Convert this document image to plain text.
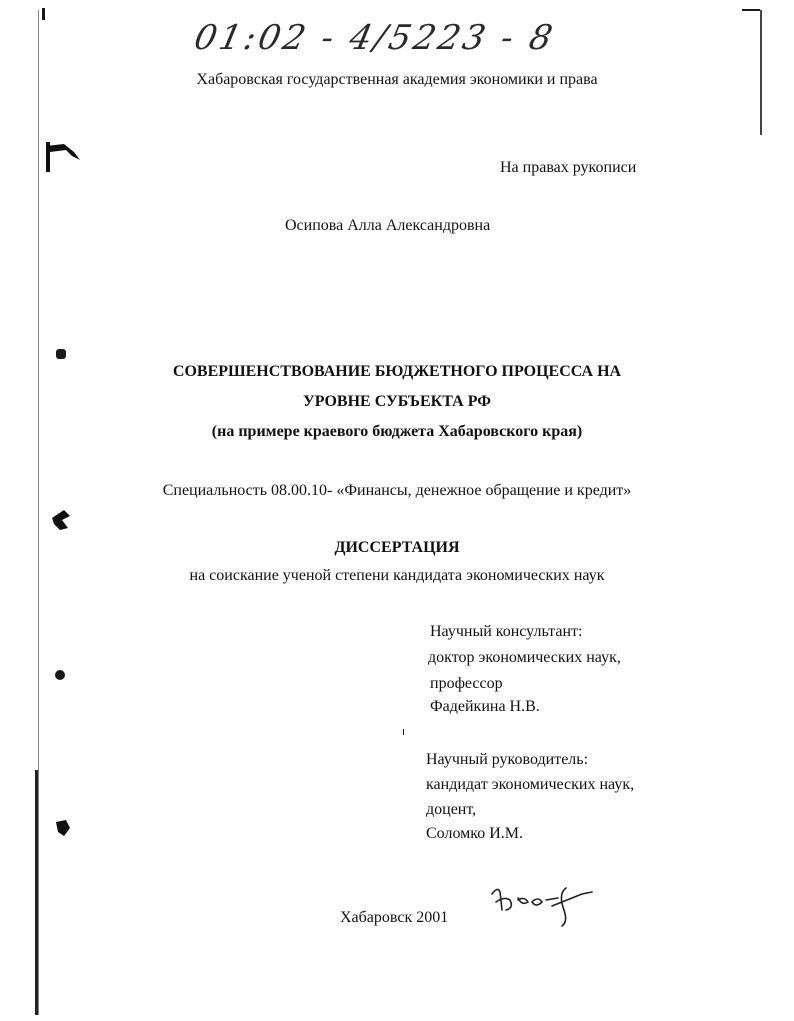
01:02 - 4/5223 - 8
Хабаровская государственная академия экономики и права
На правах рукописи
Осипова Алла Александровна
СОВЕРШЕНСТВОВАНИЕ БЮДЖЕТНОГО ПРОЦЕССА НА
УРОВНЕ СУБЪЕКТА РФ
(на примере краевого бюджета Хабаровского края)
Специальность 08.00.10- «Финансы, денежное обращение и кредит»
ДИССЕРТАЦИЯ
на соискание ученой степени кандидата экономических наук
Научный консультант:
доктор экономических наук,
профессор
Фадейкина Н.В.
Научный руководитель:
кандидат экономических наук,
доцент,
Соломко И.М.
Хабаровск 2001
